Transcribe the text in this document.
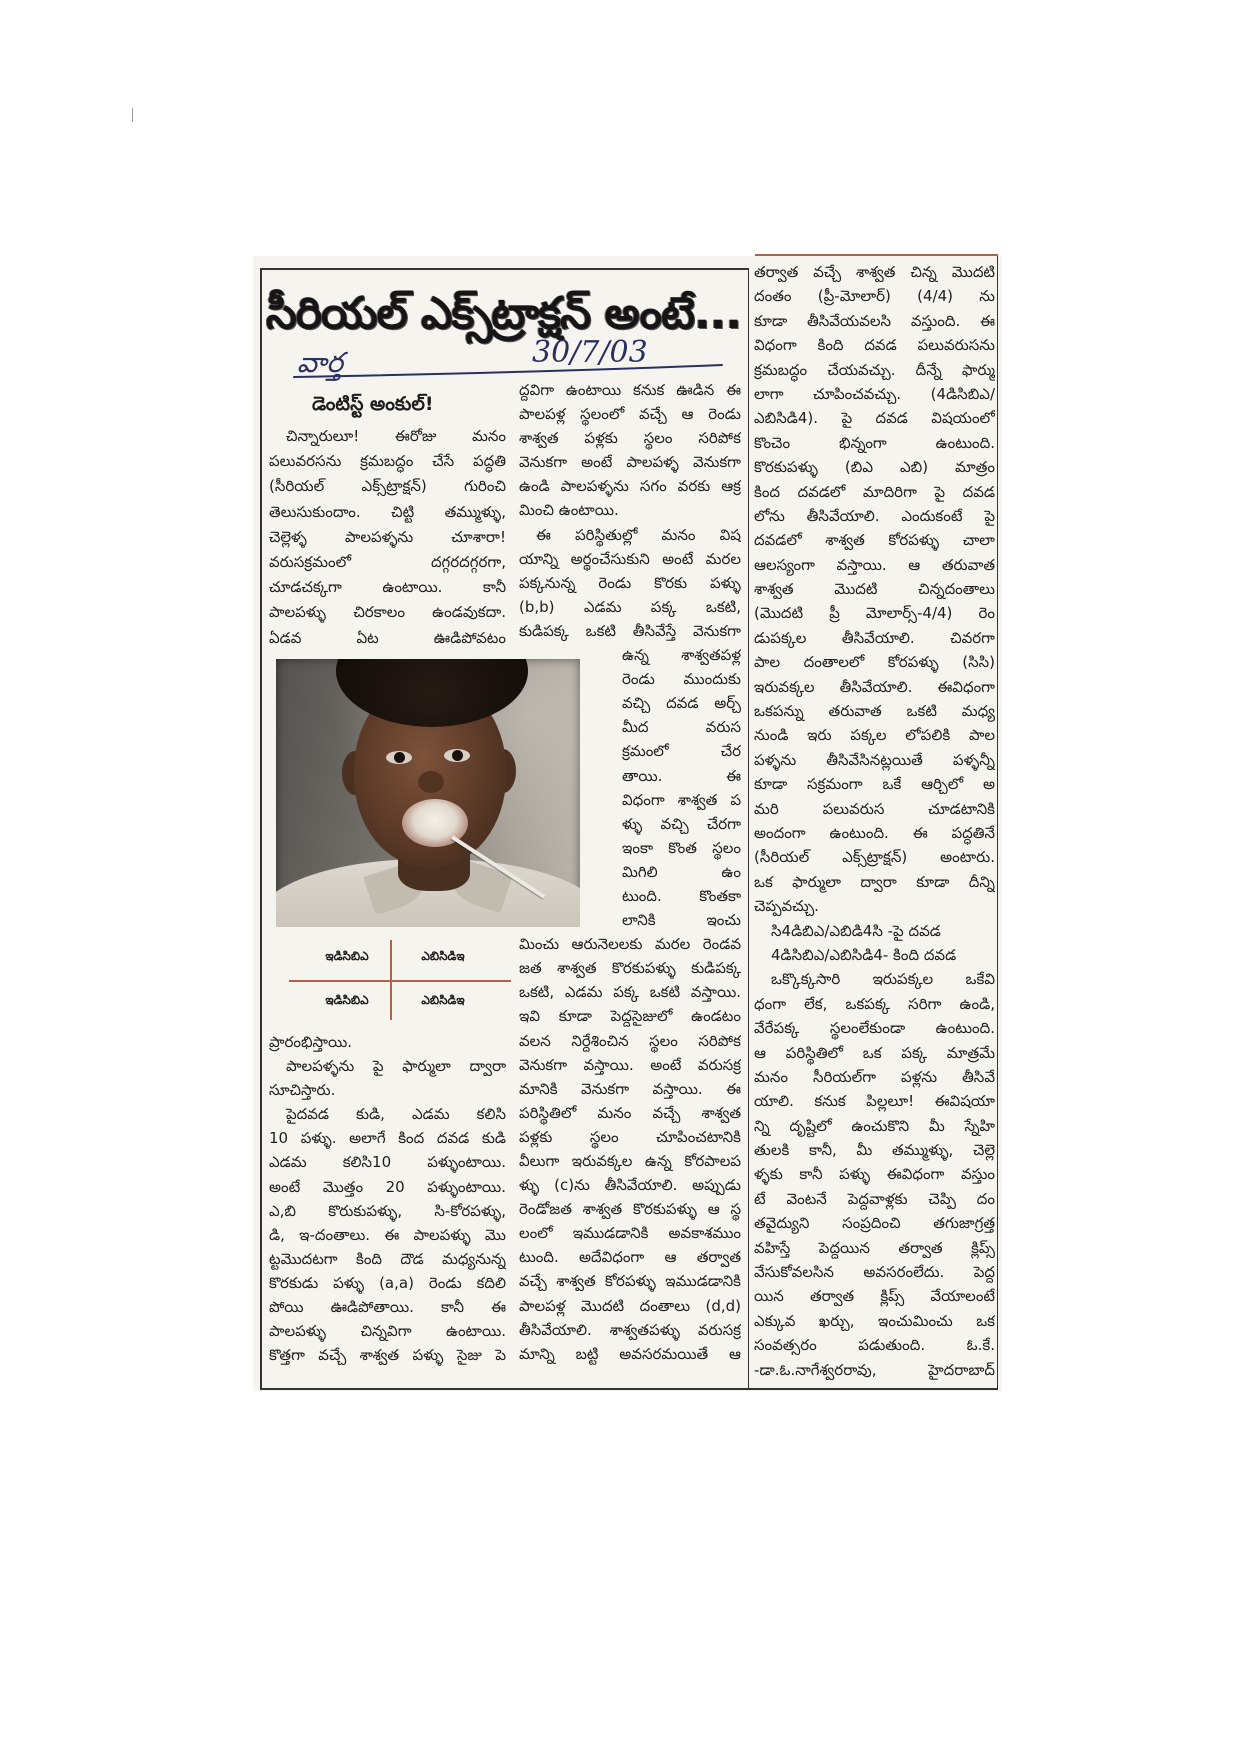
సీరియల్ ఎక్స్‌ట్రాక్షన్ అంటే...
వార్త	30/7/03
డెంటిస్ట్ అంకుల్!
చిన్నారులూ! ఈరోజు మనం
పలువరసను క్రమబద్ధం చేసే పద్ధతి
(సీరియల్ ఎక్స్‌ట్రాక్షన్) గురించి
తెలుసుకుందాం. చిట్టి తమ్ముళ్ళు,
చెల్లెళ్ళ పాలపళ్ళను చూశారా!
వరుసక్రమంలో దగ్గరదగ్గరగా,
చూడచక్కగా ఉంటాయి. కానీ
పాలపళ్ళు చిరకాలం ఉండవుకదా.
ఏడవ ఏట ఊడిపోవటం
ఇడిసిబిఎ	ఎబిసిడిఇ
ఇడిసిబిఎ	ఎబిసిడిఇ
ప్రారంభిస్తాయి.
పాలపళ్ళను పై ఫార్ములా ద్వారా
సూచిస్తారు.
పైదవడ కుడి, ఎడమ కలిసి
10 పళ్ళు. అలాగే కింద దవడ కుడి
ఎడమ కలిసి10 పళ్ళుంటాయి.
అంటే మొత్తం 20 పళ్ళుంటాయి.
ఎ,బి కొరుకుపళ్ళు, సి-కోరపళ్ళు,
డి, ఇ-దంతాలు. ఈ పాలపళ్ళు మొ
ట్టమొదటగా కింది దౌడ మధ్యనున్న
కొరకుడు పళ్ళు (a,a) రెండు కదిలి
పోయి ఊడిపోతాయి. కానీ ఈ
పాలపళ్ళు చిన్నవిగా ఉంటాయి.
కొత్తగా వచ్చే శాశ్వత పళ్ళు సైజు పె
ద్దవిగా ఉంటాయి కనుక ఊడిన ఈ
పాలపళ్ల స్థలంలో వచ్చే ఆ రెండు
శాశ్వత పళ్లకు స్థలం సరిపోక
వెనుకగా అంటే పాలపళ్ళ వెనుకగా
ఉండి పాలపళ్ళను సగం వరకు ఆక్ర
మించి ఉంటాయి.
ఈ పరిస్థితుల్లో మనం విష
యాన్ని అర్థంచేసుకుని అంటే మరల
పక్కనున్న రెండు కొరకు పళ్ళు
(b,b) ఎడమ పక్క ఒకటి,
కుడిపక్క ఒకటి తీసివేస్తే వెనుకగా
ఉన్న శాశ్వతపళ్ల
రెండు ముందుకు
వచ్చి దవడ అర్చ్
మీద వరుస
క్రమంలో చేర
తాయి. ఈ
విధంగా శాశ్వత ప
ళ్ళు వచ్చి చేరగా
ఇంకా కొంత స్థలం
మిగిలి ఉం
టుంది. కొంతకా
లానికి ఇంచు
మించు ఆరునెలలకు మరల రెండవ
జత శాశ్వత కొరకుపళ్ళు కుడిపక్క
ఒకటి, ఎడమ పక్క ఒకటి వస్తాయి.
ఇవి కూడా పెద్దసైజులో ఉండటం
వలన నిర్దేశించిన స్థలం సరిపోక
వెనుకగా వస్తాయి. అంటే వరుసక్ర
మానికి వెనుకగా వస్తాయి. ఈ
పరిస్థితిలో మనం వచ్చే శాశ్వత
పళ్లకు స్థలం చూపించటానికి
వీలుగా ఇరువక్కల ఉన్న కోరపాలప
ళ్ళు (c)ను తీసివేయాలి. అప్పుడు
రెండోజత శాశ్వత కొరకుపళ్ళు ఆ స్థ
లంలో ఇముడడానికి అవకాశముం
టుంది. అదేవిధంగా ఆ తర్వాత
వచ్చే శాశ్వత కోరపళ్ళు ఇముడడానికి
పాలపళ్ల మొదటి దంతాలు (d,d)
తీసివేయాలి. శాశ్వతపళ్ళు వరుసక్ర
మాన్ని బట్టి అవసరమయితే ఆ
తర్వాత వచ్చే శాశ్వత చిన్న మొదటి
దంతం (ప్రీ-మోలార్) (4/4) ను
కూడా తీసివేయవలసి వస్తుంది. ఈ
విధంగా కింది దవడ పలువరుసను
క్రమబద్ధం చేయవచ్చు. దీన్నే ఫార్ము
లాగా చూపించవచ్చు. (4డిసిబిఎ/
ఎబిసిడి4). పై దవడ విషయంలో
కొంచెం భిన్నంగా ఉంటుంది.
కొరకుపళ్ళు (బిఎ ఎబి) మాత్రం
కింద దవడలో మాదిరిగా పై దవడ
లోను తీసివేయాలి. ఎందుకంటే పై
దవడలో శాశ్వత కోరపళ్ళు చాలా
ఆలస్యంగా వస్తాయి. ఆ తరువాత
శాశ్వత మొదటి చిన్నదంతాలు
(మొదటి ప్రీ మోలార్స్-4/4) రెం
డుపక్కల తీసివేయాలి. చివరగా
పాల దంతాలలో కోరపళ్ళు (సిసి)
ఇరువక్కల తీసివేయాలి. ఈవిధంగా
ఒకపన్ను తరువాత ఒకటి మధ్య
నుండి ఇరు పక్కల లోపలికి పాల
పళ్ళను తీసివేసినట్లయితే పళ్ళన్నీ
కూడా సక్రమంగా ఒకే ఆర్చిలో అ
మరి పలువరుస చూడటానికి
అందంగా ఉంటుంది. ఈ పద్ధతినే
(సీరియల్ ఎక్స్‌ట్రాక్షన్) అంటారు.
ఒక ఫార్ములా ద్వారా కూడా దీన్ని
చెప్పవచ్చు.
సి4డిబిఎ/ఎబిడి4సి -పై దవడ
4డిసిబిఎ/ఎబిసిడి4- కింది దవడ
ఒక్కొక్కసారి ఇరుపక్కల ఒకేవి
ధంగా లేక, ఒకపక్క సరిగా ఉండి,
వేరేపక్క స్థలంలేకుండా ఉంటుంది.
ఆ పరిస్థితిలో ఒక పక్క మాత్రమే
మనం సీరియల్‌గా పళ్లను తీసివే
యాలి. కనుక పిల్లలూ! ఈవిషయా
న్ని దృష్టిలో ఉంచుకొని మీ స్నేహి
తులకి కానీ, మీ తమ్ముళ్ళు, చెల్లె
ళ్ళకు కానీ పళ్ళు ఈవిధంగా వస్తుం
టే వెంటనే పెద్దవాళ్లకు చెప్పి దం
తవైద్యుని సంప్రదించి తగుజాగ్రత్త
వహిస్తే పెద్దయిన తర్వాత క్లిప్స్
వేసుకోవలసిన అవసరంలేదు. పెద్ద
యిన తర్వాత క్లిప్స్ వేయాలంటే
ఎక్కువ ఖర్చు, ఇంచుమించు ఒక
సంవత్సరం పడుతుంది. ఓ.కే.
-డా.ఓ.నాగేశ్వరరావు, హైదరాబాద్
